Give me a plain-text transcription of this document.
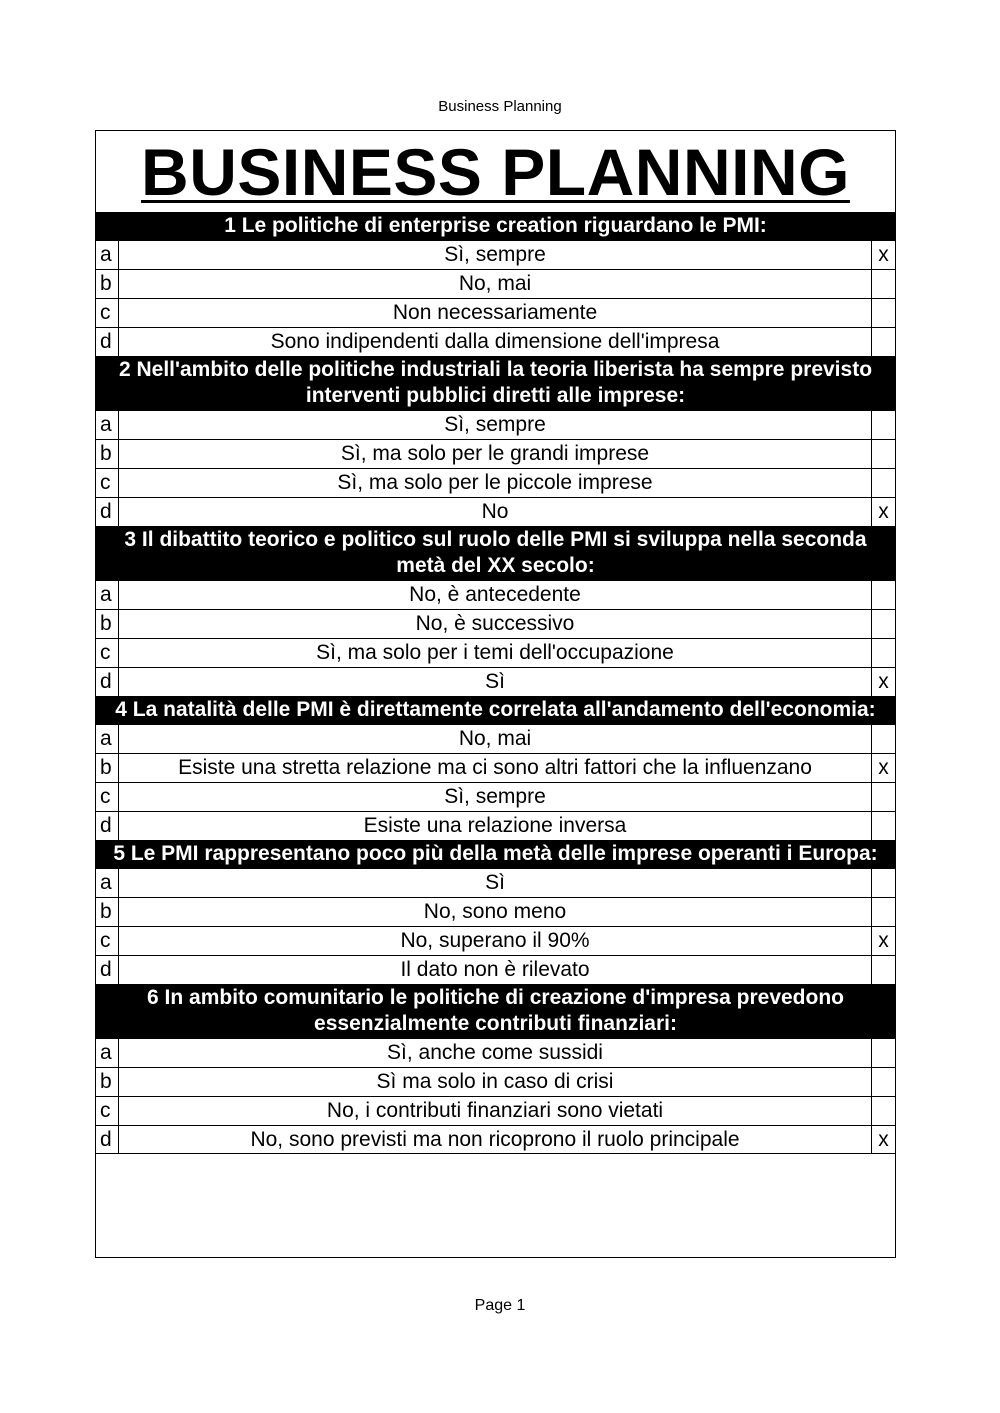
Business Planning
BUSINESS PLANNING
1 Le politiche di enterprise creation riguardano le PMI:
a	Sì, sempre	x
b	No, mai
c	Non necessariamente
d	Sono indipendenti dalla dimensione dell'impresa
2 Nell'ambito delle politiche industriali la teoria liberista ha sempre previsto interventi pubblici diretti alle imprese:
a	Sì, sempre
b	Sì, ma solo per le grandi imprese
c	Sì, ma solo per le piccole imprese
d	No	x
3 Il dibattito teorico e politico sul ruolo delle PMI si sviluppa nella seconda metà del XX secolo:
a	No, è antecedente
b	No, è successivo
c	Sì, ma solo per i temi dell'occupazione
d	Sì	x
4 La natalità delle PMI è direttamente correlata all'andamento dell'economia:
a	No, mai
b	Esiste una stretta relazione ma ci sono altri fattori che la influenzano	x
c	Sì, sempre
d	Esiste una relazione inversa
5 Le PMI rappresentano poco più della metà delle imprese operanti i Europa:
a	Sì
b	No, sono meno
c	No, superano il 90%	x
d	Il dato non è rilevato
6 In ambito comunitario le politiche di creazione d'impresa prevedono essenzialmente contributi finanziari:
a	Sì, anche come sussidi
b	Sì ma solo in caso di crisi
c	No, i contributi finanziari sono vietati
d	No, sono previsti ma non ricoprono il ruolo principale	x
Page 1
